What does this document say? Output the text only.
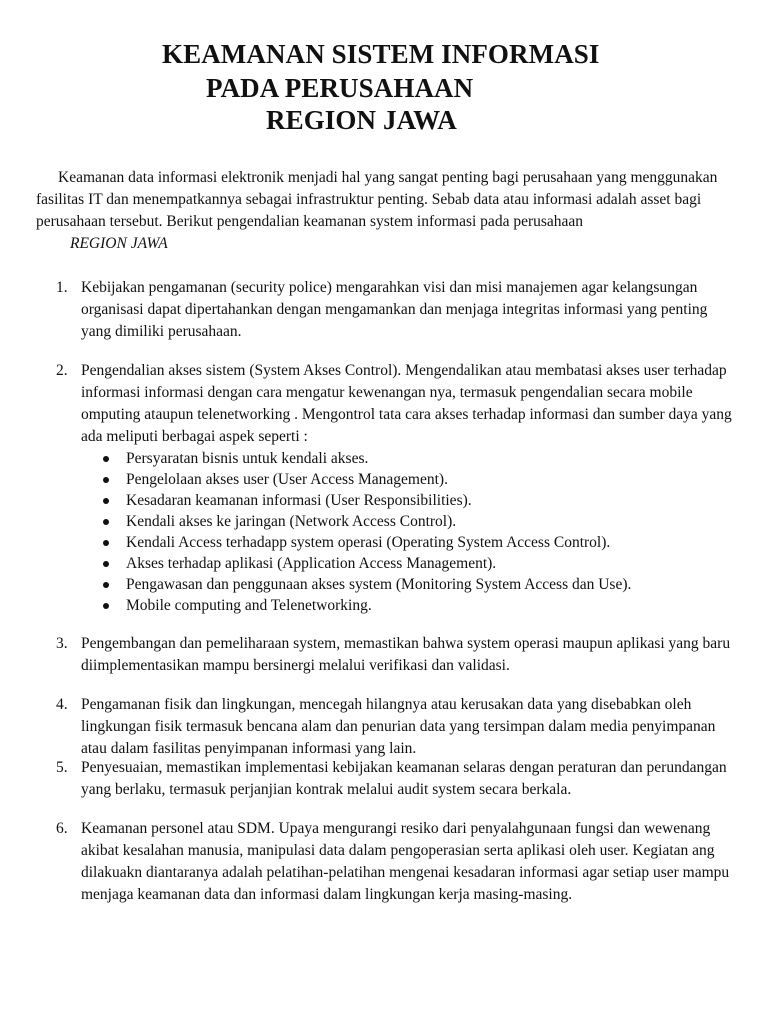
KEAMANAN SISTEM INFORMASI
PADA PERUSAHAAN
REGION JAWA
Keamanan data informasi elektronik menjadi hal yang sangat penting bagi perusahaan yang menggunakan fasilitas IT dan menempatkannya sebagai infrastruktur penting. Sebab data atau informasi adalah asset bagi perusahaan tersebut. Berikut pengendalian keamanan system informasi pada perusahaan
REGION JAWA
1. Kebijakan pengamanan (security police) mengarahkan visi dan misi manajemen agar kelangsungan organisasi dapat dipertahankan dengan mengamankan dan menjaga integritas informasi yang penting yang dimiliki perusahaan.
2. Pengendalian akses sistem (System Akses Control). Mengendalikan atau membatasi akses user terhadap informasi informasi dengan cara mengatur kewenangan nya, termasuk pengendalian secara mobile omputing ataupun telenetworking . Mengontrol tata cara akses terhadap informasi dan sumber daya yang ada meliputi berbagai aspek seperti :
Persyaratan bisnis untuk kendali akses.
Pengelolaan akses user (User Access Management).
Kesadaran keamanan informasi (User Responsibilities).
Kendali akses ke jaringan (Network Access Control).
Kendali Access terhadapp system operasi (Operating System Access Control).
Akses terhadap aplikasi (Application Access Management).
Pengawasan dan penggunaan akses system (Monitoring System Access dan Use).
Mobile computing and Telenetworking.
3. Pengembangan dan pemeliharaan system, memastikan bahwa system operasi maupun aplikasi yang baru diimplementasikan mampu bersinergi melalui verifikasi dan validasi.
4. Pengamanan fisik dan lingkungan, mencegah hilangnya atau kerusakan data yang disebabkan oleh lingkungan fisik termasuk bencana alam dan penurian data yang tersimpan dalam media penyimpanan atau dalam fasilitas penyimpanan informasi yang lain.
5. Penyesuaian, memastikan implementasi kebijakan keamanan selaras dengan peraturan dan perundangan yang berlaku, termasuk perjanjian kontrak melalui audit system secara berkala.
6. Keamanan personel atau SDM. Upaya mengurangi resiko dari penyalahgunaan fungsi dan wewenang akibat kesalahan manusia, manipulasi data dalam pengoperasian serta aplikasi oleh user. Kegiatan ang dilakuakn diantaranya adalah pelatihan-pelatihan mengenai kesadaran informasi agar setiap user mampu menjaga keamanan data dan informasi dalam lingkungan kerja masing-masing.
